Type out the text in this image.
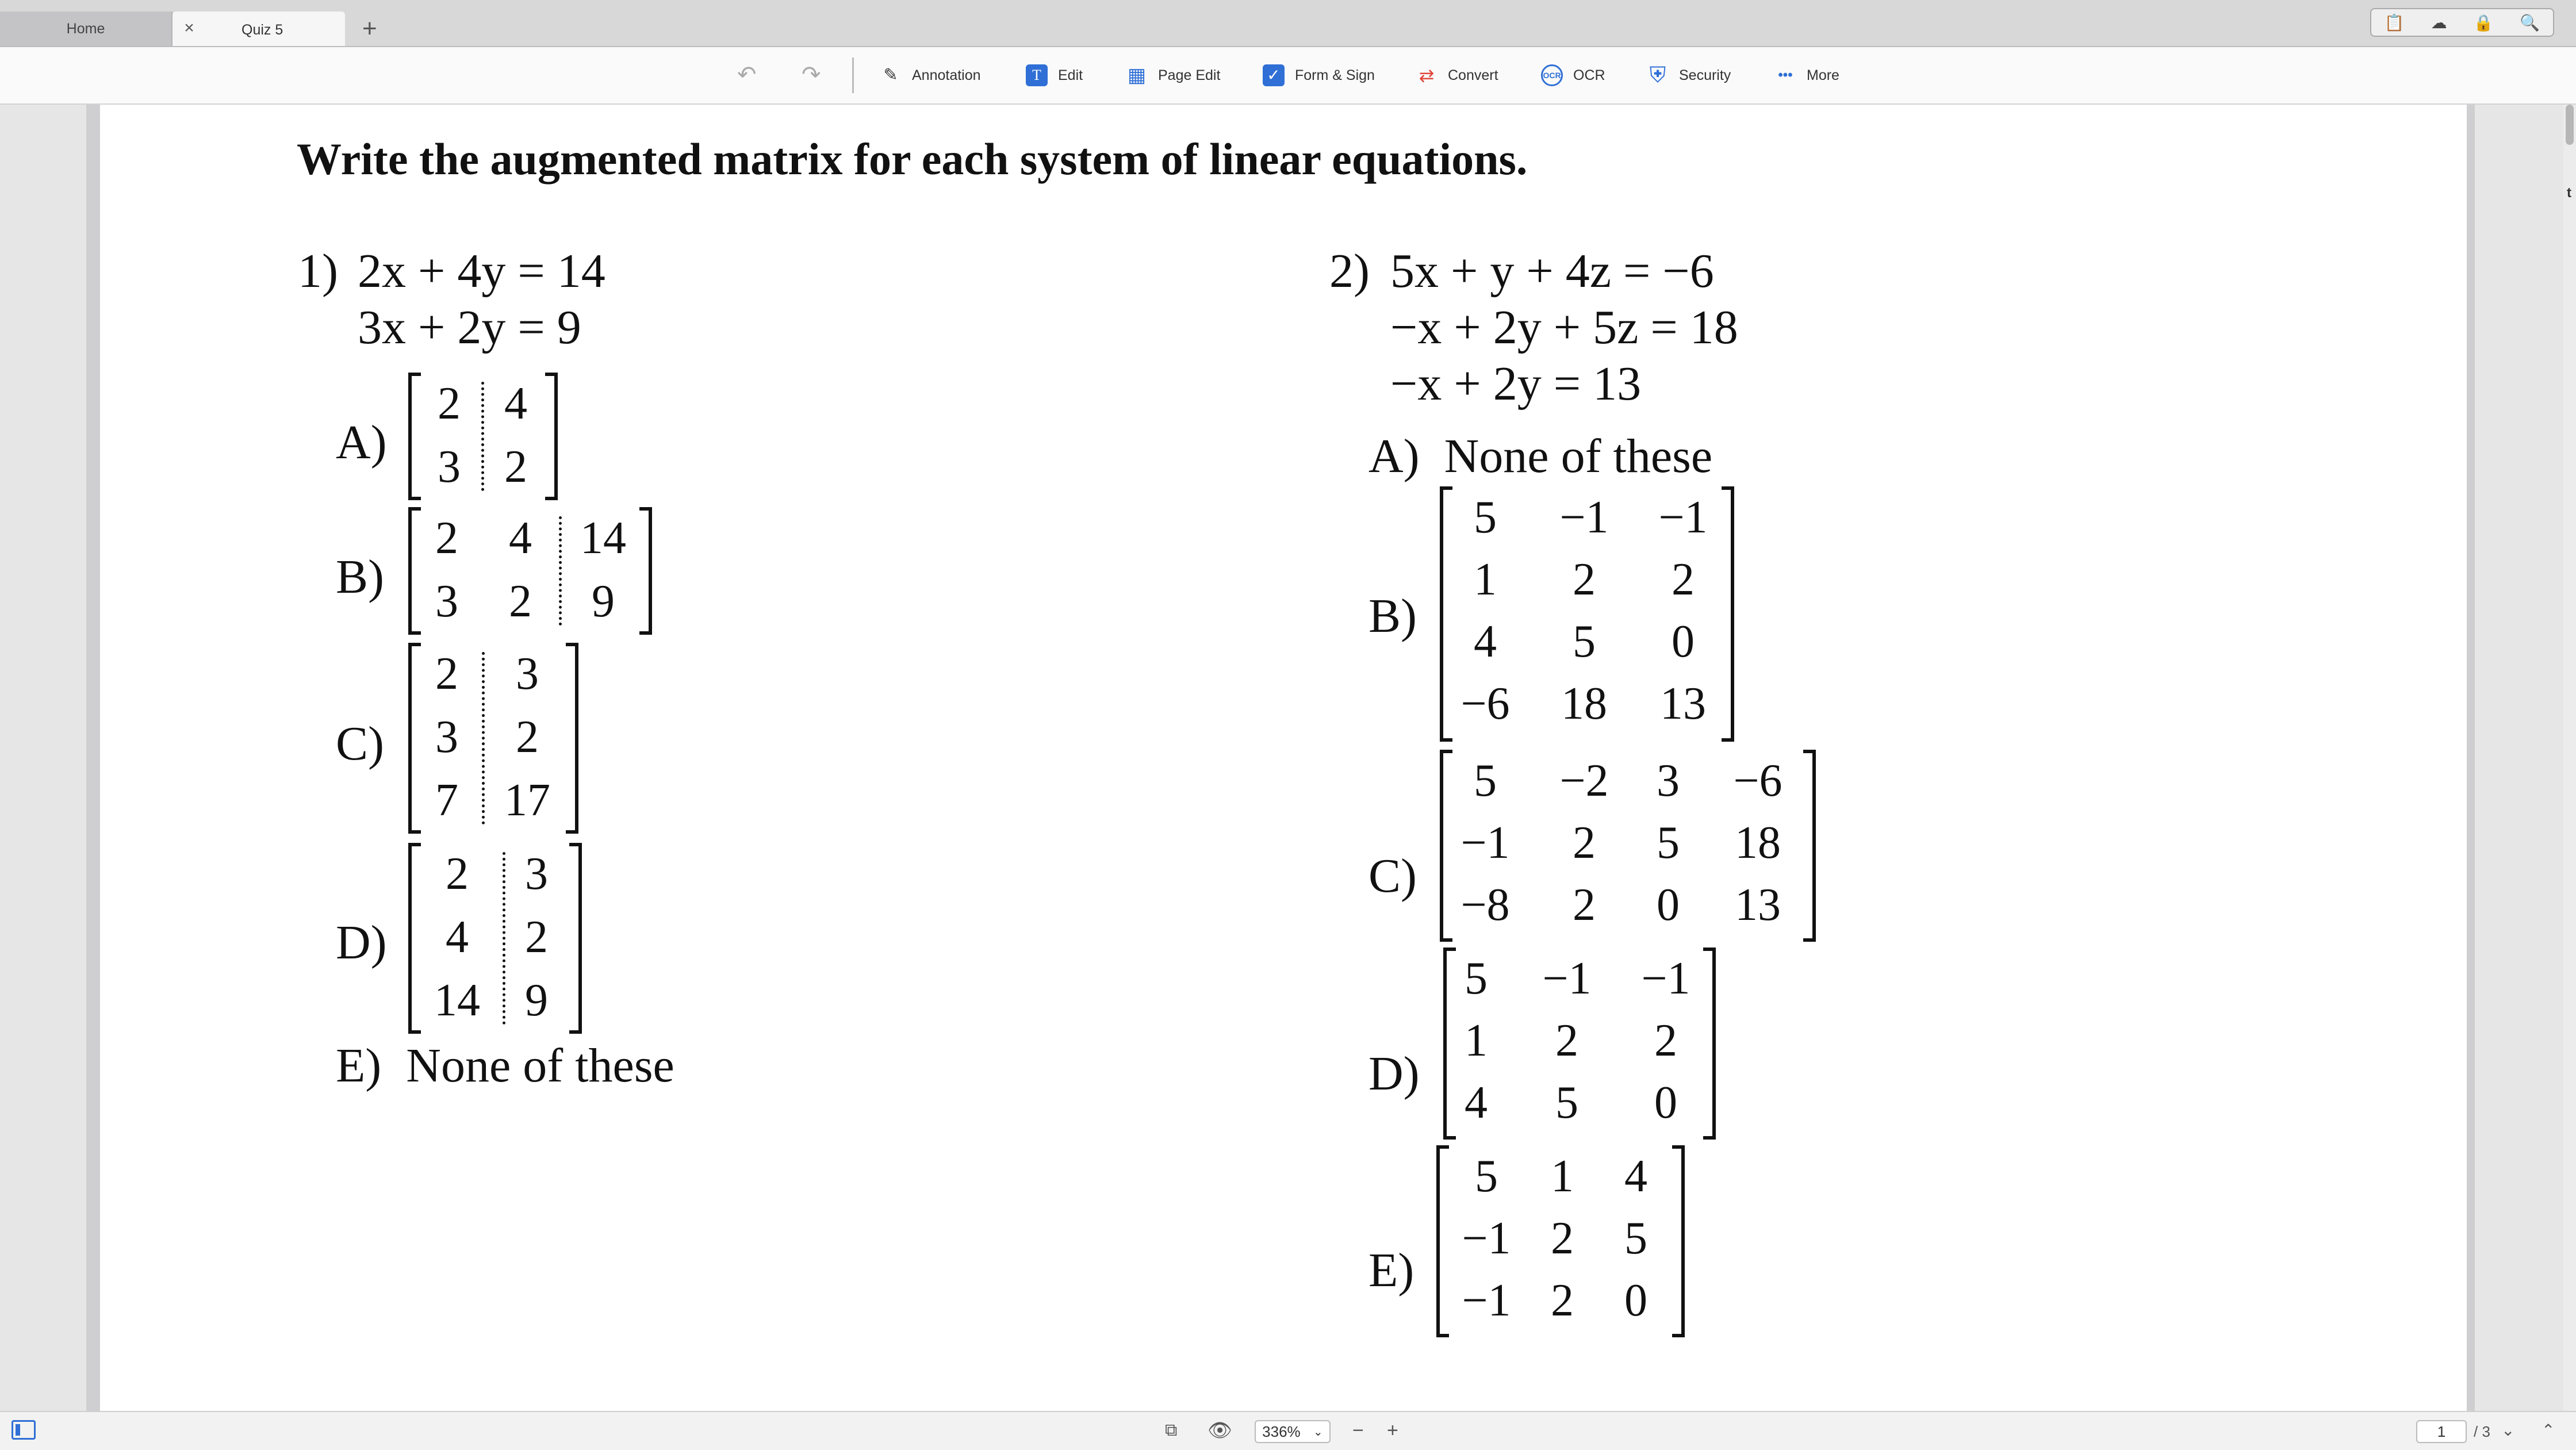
Home	×	Quiz 5	+	📋 ☁ 🔒 🔍
↶ ↷	✎ Annotation	T	Edit ▦ Page Edit	✓ Form & Sign ⇄ Convert	OCR OCR ⛨ Security	••• More
t
Write the augmented matrix for each system of linear equations.
1) 2x + 4y = 14
3x + 2y = 9
A)
2 4
3 2
B)
2	4	14
3	2	9
C)
2	3
3	2
7	17
D)
2	3
4	2
14 9
E) None of these
2) 5x + y + 4z = −6
−x + 2y + 5z = 18
−x + 2y = 13
A) None of these
B)
5	−1 −1
1	2	2
4	5	0
−6	18	13
C)
5	−2	3	−6
−1	2	5	18
−8	2	0	13
D)
5	−1 −1
1	2	2
4	5	0
E)
5	1	4
−1 2	5
−1 2	0
⧉ 👁 336% ⌄ − +	1	/ 3 ⌄ ⌃
